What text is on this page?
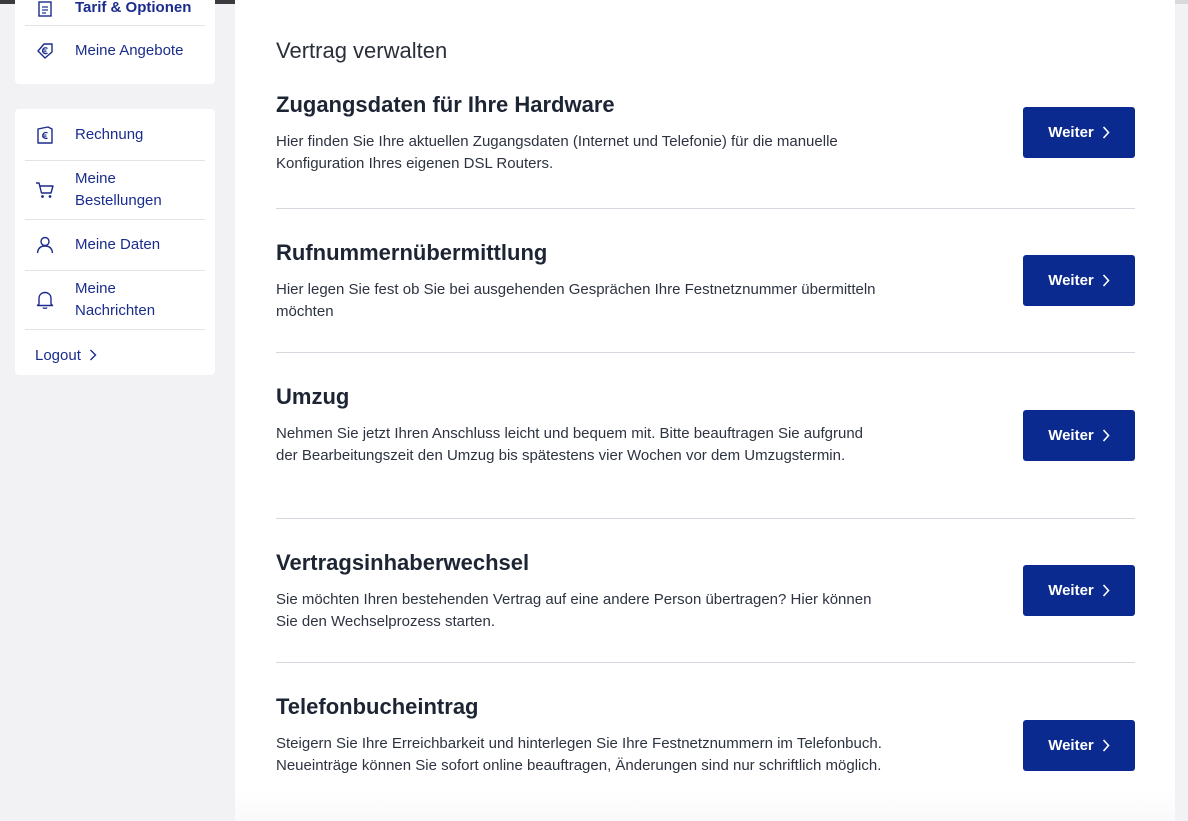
Tarif & Optionen
Meine Angebote
Rechnung
Meine
Bestellungen
Meine Daten
Meine
Nachrichten
Logout
Vertrag verwalten
Zugangsdaten für Ihre Hardware

Hier finden Sie Ihre aktuellen Zugangsdaten (Internet und Telefonie) für die manuelle Konfiguration Ihres eigenen DSL Routers.

Weiter
Rufnummernübermittlung

Hier legen Sie fest ob Sie bei ausgehenden Gesprächen Ihre Festnetznummer übermitteln möchten

Weiter
Umzug

Nehmen Sie jetzt Ihren Anschluss leicht und bequem mit. Bitte beauftragen Sie aufgrund der Bearbeitungszeit den Umzug bis spätestens vier Wochen vor dem Umzugstermin.

Weiter
Vertragsinhaberwechsel

Sie möchten Ihren bestehenden Vertrag auf eine andere Person übertragen? Hier können Sie den Wechselprozess starten.

Weiter
Telefonbucheintrag

Steigern Sie Ihre Erreichbarkeit und hinterlegen Sie Ihre Festnetznummern im Telefonbuch. Neueinträge können Sie sofort online beauftragen, Änderungen sind nur schriftlich möglich.

Weiter
